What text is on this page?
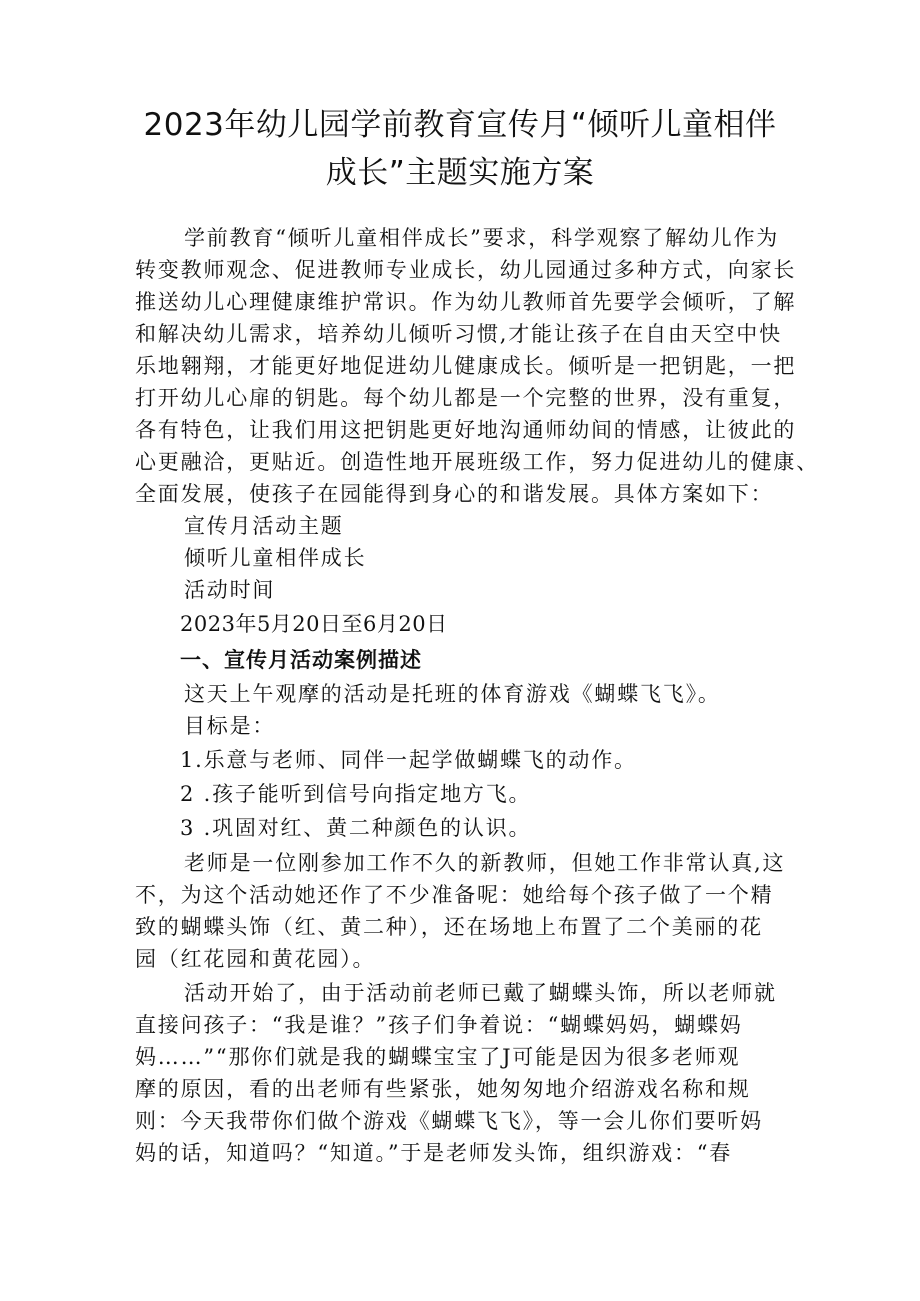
2023年幼儿园学前教育宣传月“倾听儿童相伴
成长”主题实施方案

学前教育“倾听儿童相伴成长”要求，科学观察了解幼儿作为

转变教师观念、促进教师专业成长，幼儿园通过多种方式，向家长

推送幼儿心理健康维护常识。作为幼儿教师首先要学会倾听，了解

和解决幼儿需求，培养幼儿倾听习惯,才能让孩子在自由天空中快

乐地翱翔，才能更好地促进幼儿健康成长。倾听是一把钥匙，一把

打开幼儿心扉的钥匙。每个幼儿都是一个完整的世界，没有重复，

各有特色，让我们用这把钥匙更好地沟通师幼间的情感，让彼此的

心更融洽，更贴近。创造性地开展班级工作，努力促进幼儿的健康、

全面发展，使孩子在园能得到身心的和谐发展。具体方案如下：

宣传月活动主题

倾听儿童相伴成长

活动时间

2023年5月20日至6月20日

一、宣传月活动案例描述

这天上午观摩的活动是托班的体育游戏《蝴蝶飞飞》。

目标是：

1.乐意与老师、同伴一起学做蝴蝶飞的动作。

2 .孩子能听到信号向指定地方飞。

3 .巩固对红、黄二种颜色的认识。

老师是一位刚参加工作不久的新教师，但她工作非常认真,这

不，为这个活动她还作了不少准备呢：她给每个孩子做了一个精

致的蝴蝶头饰（红、黄二种），还在场地上布置了二个美丽的花

园（红花园和黄花园）。

活动开始了，由于活动前老师已戴了蝴蝶头饰，所以老师就

直接问孩子：“我是谁？”孩子们争着说：“蝴蝶妈妈，蝴蝶妈

妈……”“那你们就是我的蝴蝶宝宝了J可能是因为很多老师观

摩的原因，看的出老师有些紧张，她匆匆地介绍游戏名称和规

则：今天我带你们做个游戏《蝴蝶飞飞》，等一会儿你们要听妈

妈的话，知道吗？“知道。”于是老师发头饰，组织游戏：“春
